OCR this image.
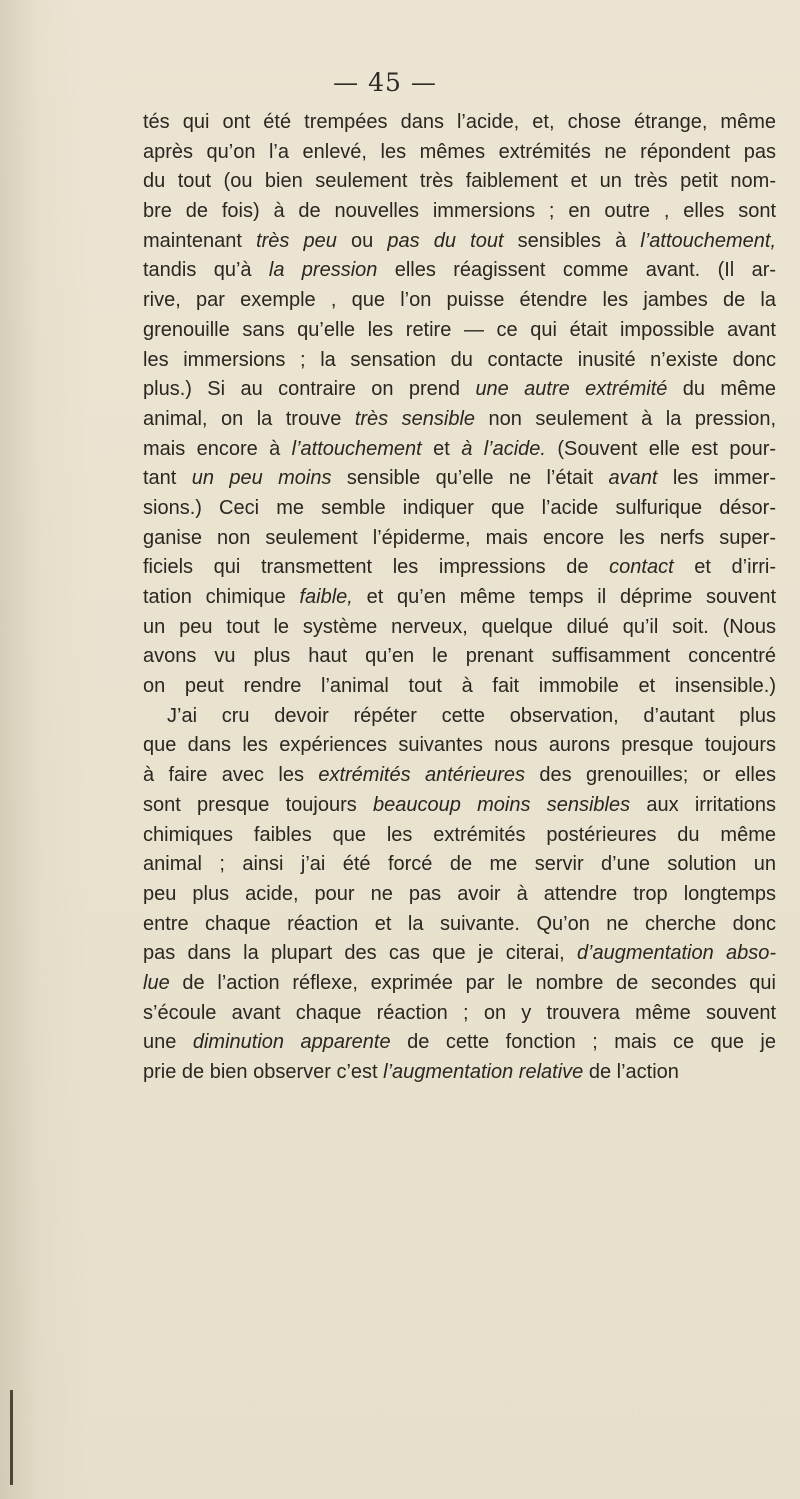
— 45 —
tés qui ont été trempées dans l’acide, et, chose étrange, même
après qu’on l’a enlevé, les mêmes extrémités ne répondent pas
du tout (ou bien seulement très faiblement et un très petit nom-
bre de fois) à de nouvelles immersions ; en outre , elles sont
maintenant très peu ou pas du tout sensibles à l’attouchement,
tandis qu’à la pression elles réagissent comme avant. (Il ar-
rive, par exemple , que l’on puisse étendre les jambes de la
grenouille sans qu’elle les retire — ce qui était impossible avant
les immersions ; la sensation du contacte inusité n’existe donc
plus.) Si au contraire on prend une autre extrémité du même
animal, on la trouve très sensible non seulement à la pression,
mais encore à l’attouchement et à l’acide. (Souvent elle est pour-
tant un peu moins sensible qu’elle ne l’était avant les immer-
sions.) Ceci me semble indiquer que l’acide sulfurique désor-
ganise non seulement l’épiderme, mais encore les nerfs super-
ficiels qui transmettent les impressions de contact et d’irri-
tation chimique faible, et qu’en même temps il déprime souvent
un peu tout le système nerveux, quelque dilué qu’il soit. (Nous
avons vu plus haut qu’en le prenant suffisamment concentré
on peut rendre l’animal tout à fait immobile et insensible.)
J’ai cru devoir répéter cette observation, d’autant plus
que dans les expériences suivantes nous aurons presque toujours
à faire avec les extrémités antérieures des grenouilles; or elles
sont presque toujours beaucoup moins sensibles aux irritations
chimiques faibles que les extrémités postérieures du même
animal ; ainsi j’ai été forcé de me servir d’une solution un
peu plus acide, pour ne pas avoir à attendre trop longtemps
entre chaque réaction et la suivante. Qu’on ne cherche donc
pas dans la plupart des cas que je citerai, d’augmentation abso-
lue de l’action réflexe, exprimée par le nombre de secondes qui
s’écoule avant chaque réaction ; on y trouvera même souvent
une diminution apparente de cette fonction ; mais ce que je
prie de bien observer c’est l’augmentation relative de l’action
